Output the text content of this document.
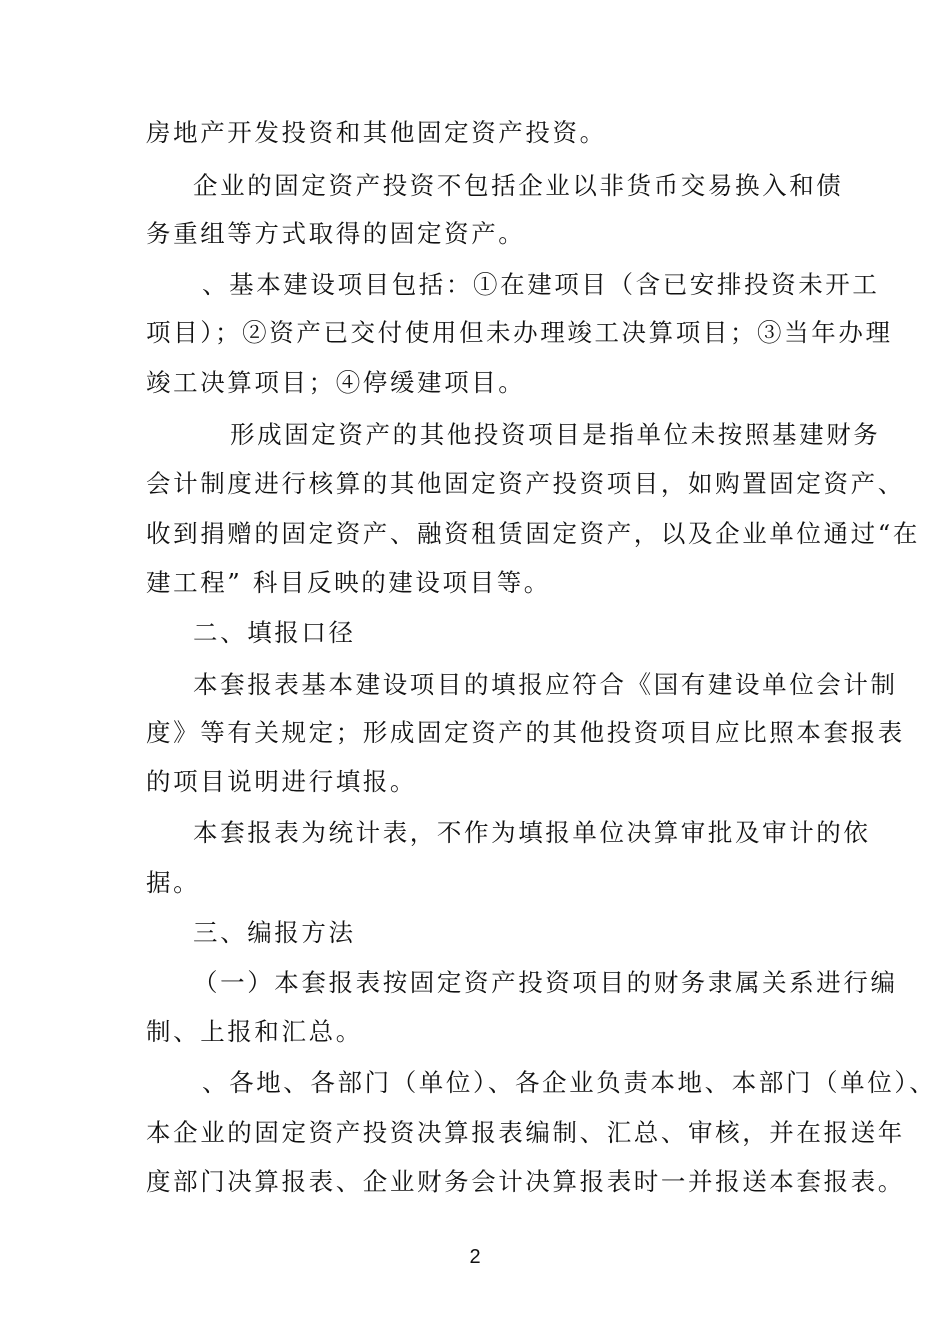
房地产开发投资和其他固定资产投资。

企业的固定资产投资不包括企业以非货币交易换入和债

务重组等方式取得的固定资产。

、基本建设项目包括：①在建项目（含已安排投资未开工

项目）；②资产已交付使用但未办理竣工决算项目；③当年办理

竣工决算项目；④停缓建项目。

形成固定资产的其他投资项目是指单位未按照基建财务

会计制度进行核算的其他固定资产投资项目，如购置固定资产、

收到捐赠的固定资产、融资租赁固定资产，以及企业单位通过“在

建工程” 科目反映的建设项目等。

二、填报口径

本套报表基本建设项目的填报应符合《国有建设单位会计制

度》等有关规定；形成固定资产的其他投资项目应比照本套报表

的项目说明进行填报。

本套报表为统计表，不作为填报单位决算审批及审计的依

据。

三、编报方法

（一）本套报表按固定资产投资项目的财务隶属关系进行编

制、上报和汇总。

、各地、各部门（单位）、各企业负责本地、本部门（单位）、

本企业的固定资产投资决算报表编制、汇总、审核，并在报送年

度部门决算报表、企业财务会计决算报表时一并报送本套报表。

2
